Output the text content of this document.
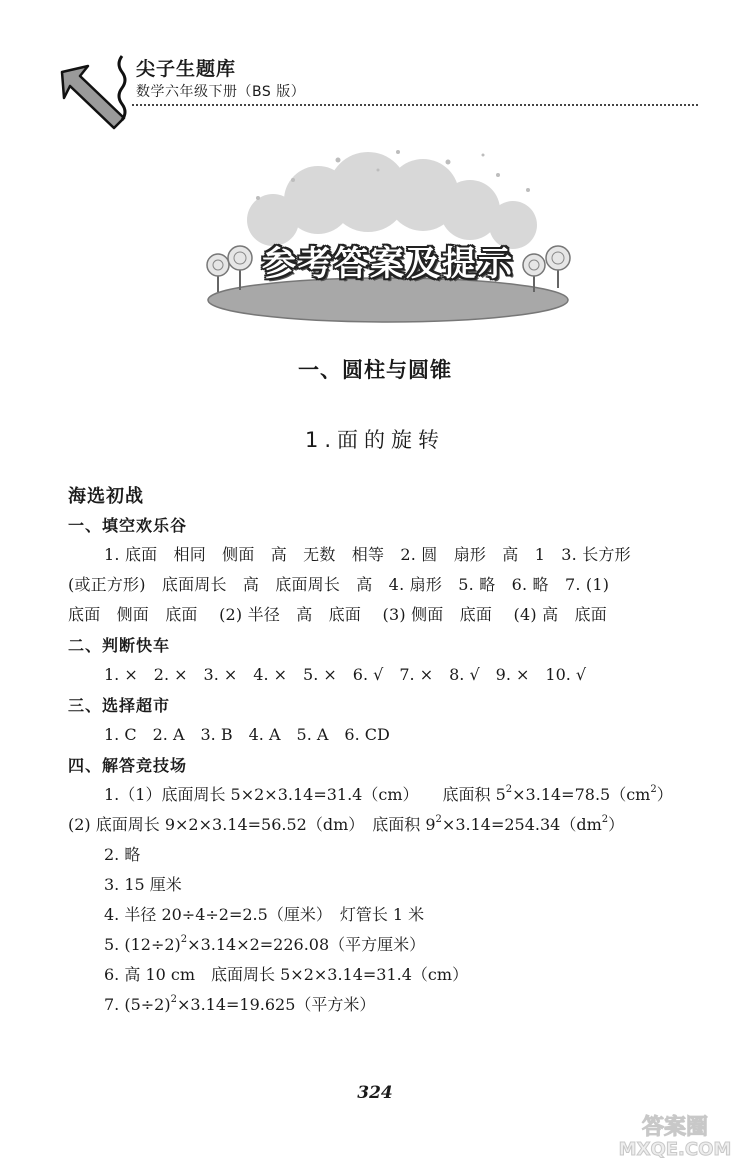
尖子生题库
数学六年级下册（BS 版）
参考答案及提示
一、圆柱与圆锥
1.面的旋转
海选初战
一、填空欢乐谷
1. 底面　相同　侧面　高　无数　相等　2. 圆　扇形　高　1　3. 长方形
(或正方形)　底面周长　高　底面周长　高　4. 扇形　5. 略　6. 略　7. (1)
底面　侧面　底面　 (2) 半径　高　底面　 (3) 侧面　底面　 (4) 高　底面
二、判断快车
1. ×　2. ×　3. ×　4. ×　5. ×　6. √　7. ×　8. √　9. ×　10. √
三、选择超市
1. C　2. A　3. B　4. A　5. A　6. CD
四、解答竞技场
1.（1）底面周长 5×2×3.14=31.4（cm）　　底面积 $5^2\times 3.14=78.5(cm^2)$
(2) 底面周长 9×2×3.14=56.52（dm）　底面积 $9^2\times 3.14=254.34(dm^2)$
2. 略
3. 15 厘米
4. 半径 20÷4÷2=2.5（厘米）　灯管长 1 米
5. $(12\div 2)^2\times 3.14\times 2=226.08$（平方厘米）
6. 高 10 cm　底面周长 5×2×3.14=31.4（cm）
7. $(5\div 2)^2\times 3.14=19.625$（平方米）
324
答案圈
MXQE.COM
